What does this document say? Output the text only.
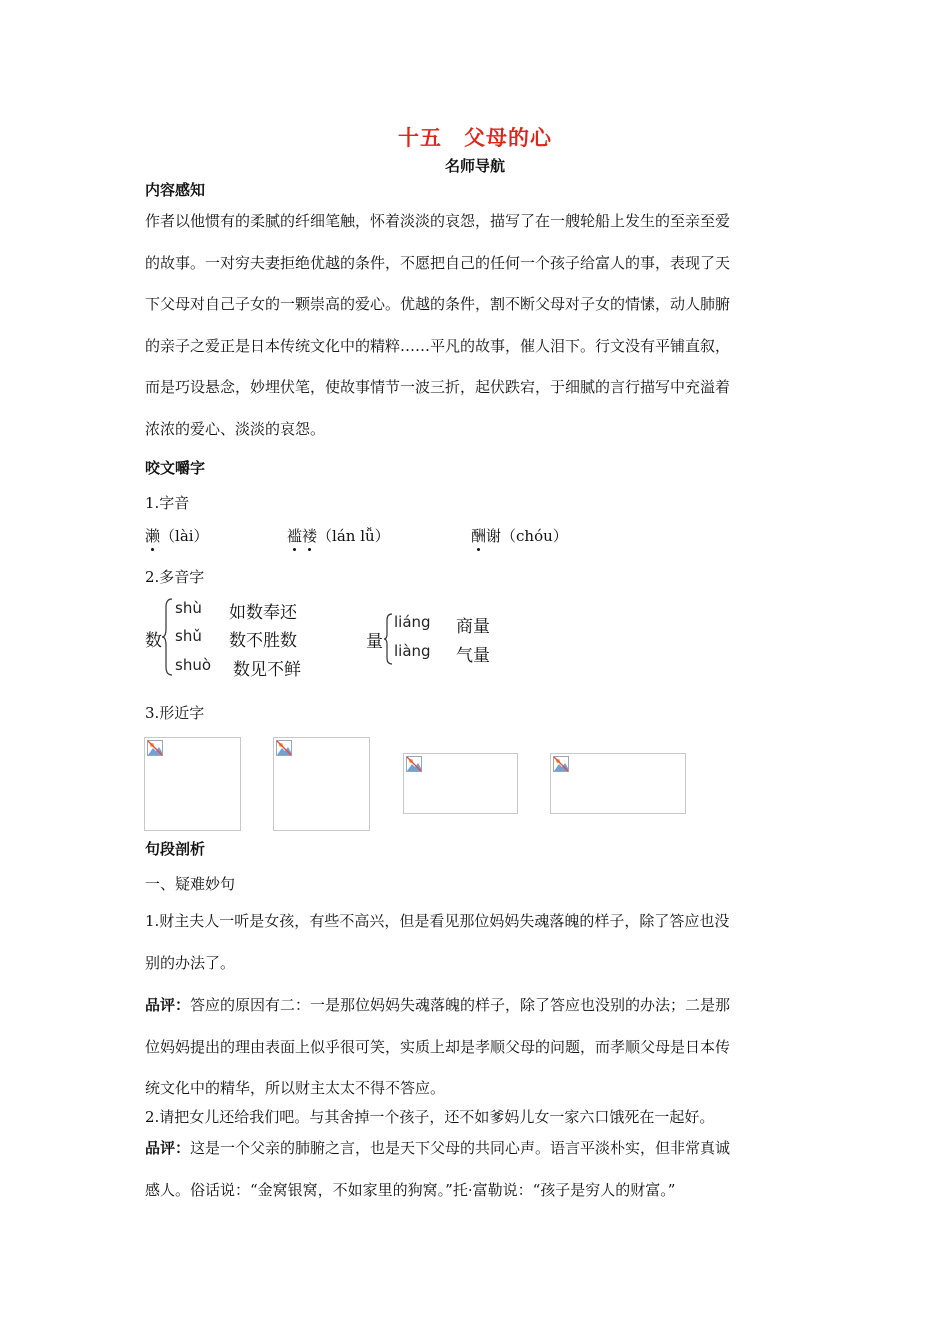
十五　父母的心
名师导航
内容感知
作者以他惯有的柔腻的纤细笔触，怀着淡淡的哀怨，描写了在一艘轮船上发生的至亲至爱
的故事。一对穷夫妻拒绝优越的条件，不愿把自己的任何一个孩子给富人的事，表现了天
下父母对自己子女的一颗崇高的爱心。优越的条件，割不断父母对子女的情愫，动人肺腑
的亲子之爱正是日本传统文化中的精粹……平凡的故事，催人泪下。行文没有平铺直叙，
而是巧设悬念，妙埋伏笔，使故事情节一波三折，起伏跌宕，于细腻的言行描写中充溢着
浓浓的爱心、淡淡的哀怨。
咬文嚼字
1.字音
濑（lài）	褴褛（lán lǚ）	酬谢（chóu）
2.多音字
数
shù 如数奉还
shǔ 数不胜数
shuò 数见不鲜
量
liáng 商量
liàng 气量
3.形近字
句段剖析
一、疑难妙句
1.财主夫人一听是女孩，有些不高兴，但是看见那位妈妈失魂落魄的样子，除了答应也没
别的办法了。
品评：答应的原因有二：一是那位妈妈失魂落魄的样子，除了答应也没别的办法；二是那
位妈妈提出的理由表面上似乎很可笑，实质上却是孝顺父母的问题，而孝顺父母是日本传
统文化中的精华，所以财主太太不得不答应。
2.请把女儿还给我们吧。与其舍掉一个孩子，还不如爹妈儿女一家六口饿死在一起好。
品评：这是一个父亲的肺腑之言，也是天下父母的共同心声。语言平淡朴实，但非常真诚
感人。俗话说：“金窝银窝，不如家里的狗窝。”托·富勒说：“孩子是穷人的财富。”
